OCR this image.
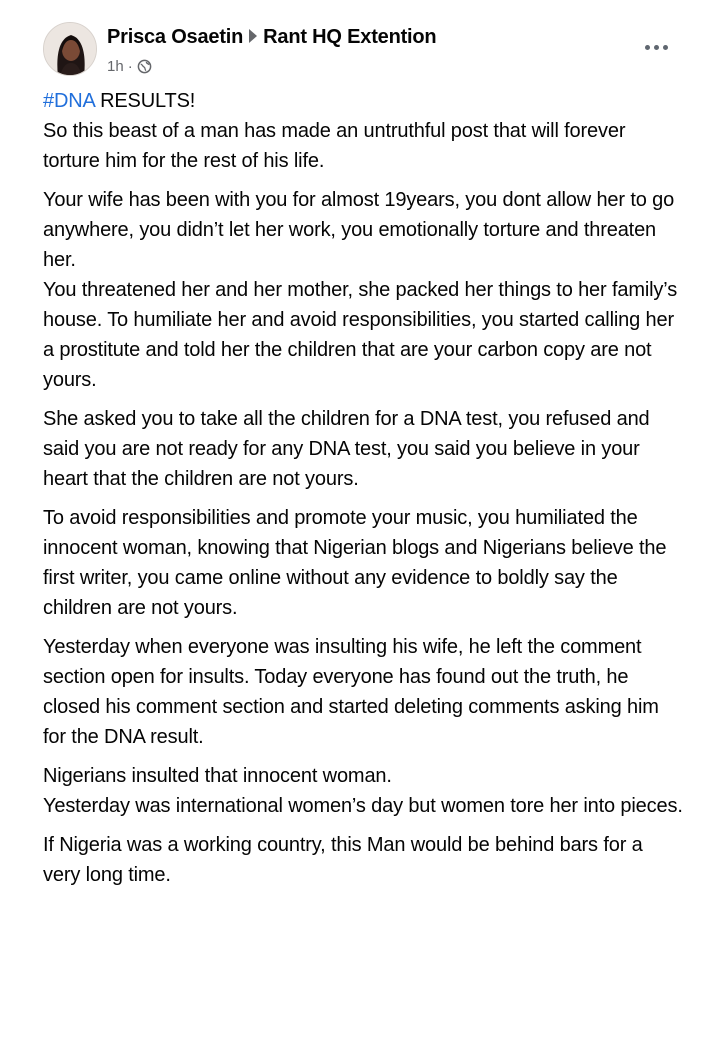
Prisca Osaetin Rant HQ Extention
1h ·

#DNA RESULTS!
So this beast of a man has made an untruthful post that will forever torture him for the rest of his life.

Your wife has been with you for almost 19years, you dont allow her to go anywhere, you didn’t let her work, you emotionally torture and threaten her.
You threatened her and her mother, she packed her things to her family’s house. To humiliate her and avoid responsibilities, you started calling her a prostitute and told her the children that are your carbon copy are not yours.

She asked you to take all the children for a DNA test, you refused and said you are not ready for any DNA test, you said you believe in your heart that the children are not yours.

To avoid responsibilities and promote your music, you humiliated the innocent woman, knowing that Nigerian blogs and Nigerians believe the first writer, you came online without any evidence to boldly say the children are not yours.

Yesterday when everyone was insulting his wife, he left the comment section open for insults. Today everyone has found out the truth, he closed his comment section and started deleting comments asking him for the DNA result.

Nigerians insulted that innocent woman.
Yesterday was international women’s day but women tore her into pieces.

If Nigeria was a working country, this Man would be behind bars for a very long time.
